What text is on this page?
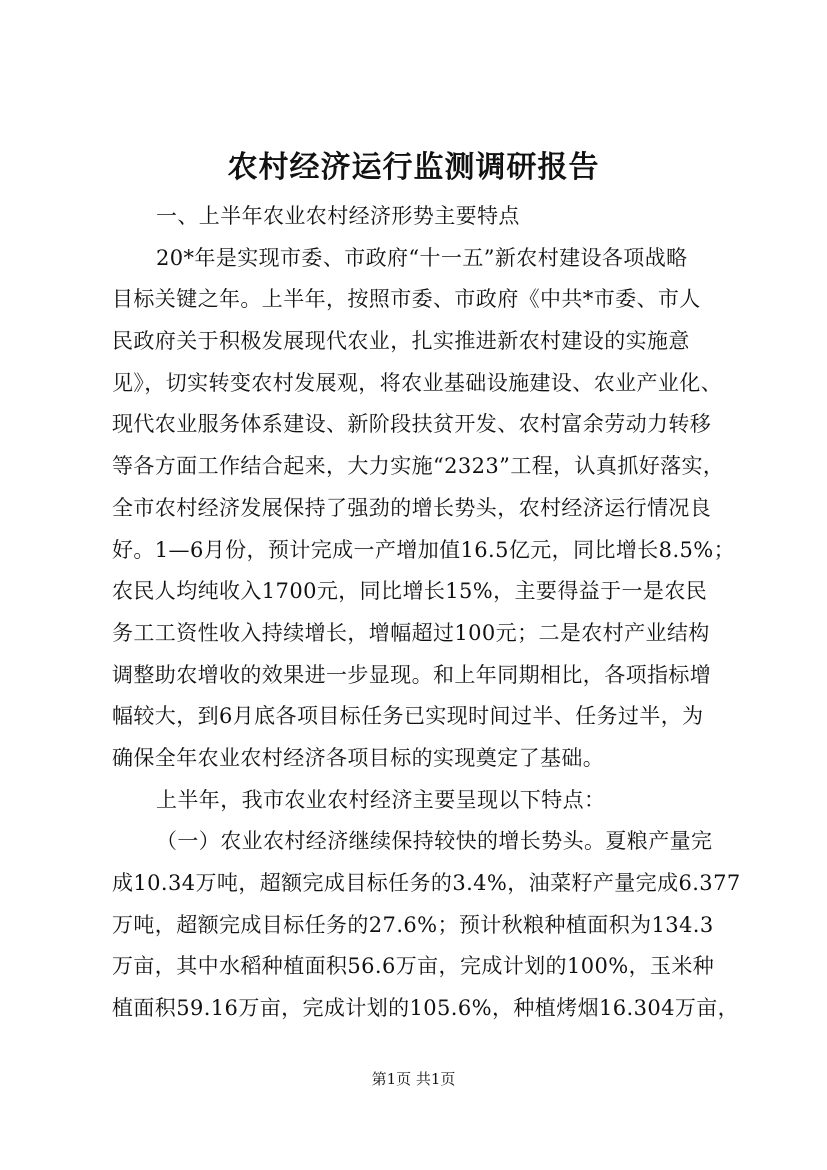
农村经济运行监测调研报告
一、上半年农业农村经济形势主要特点
20*年是实现市委、市政府“十一五”新农村建设各项战略
目标关键之年。上半年，按照市委、市政府《中共*市委、市人
民政府关于积极发展现代农业，扎实推进新农村建设的实施意
见》，切实转变农村发展观，将农业基础设施建设、农业产业化、
现代农业服务体系建设、新阶段扶贫开发、农村富余劳动力转移
等各方面工作结合起来，大力实施“2323”工程，认真抓好落实，
全市农村经济发展保持了强劲的增长势头，农村经济运行情况良
好。1—6月份，预计完成一产增加值16.5亿元，同比增长8.5%；
农民人均纯收入1700元，同比增长15%，主要得益于一是农民
务工工资性收入持续增长，增幅超过100元；二是农村产业结构
调整助农增收的效果进一步显现。和上年同期相比，各项指标增
幅较大，到6月底各项目标任务已实现时间过半、任务过半，为
确保全年农业农村经济各项目标的实现奠定了基础。
上半年，我市农业农村经济主要呈现以下特点：
（一）农业农村经济继续保持较快的增长势头。夏粮产量完
成10.34万吨，超额完成目标任务的3.4%，油菜籽产量完成6.377
万吨，超额完成目标任务的27.6%；预计秋粮种植面积为134.3
万亩，其中水稻种植面积56.6万亩，完成计划的100%，玉米种
植面积59.16万亩，完成计划的105.6%，种植烤烟16.304万亩，
第1页 共1页
